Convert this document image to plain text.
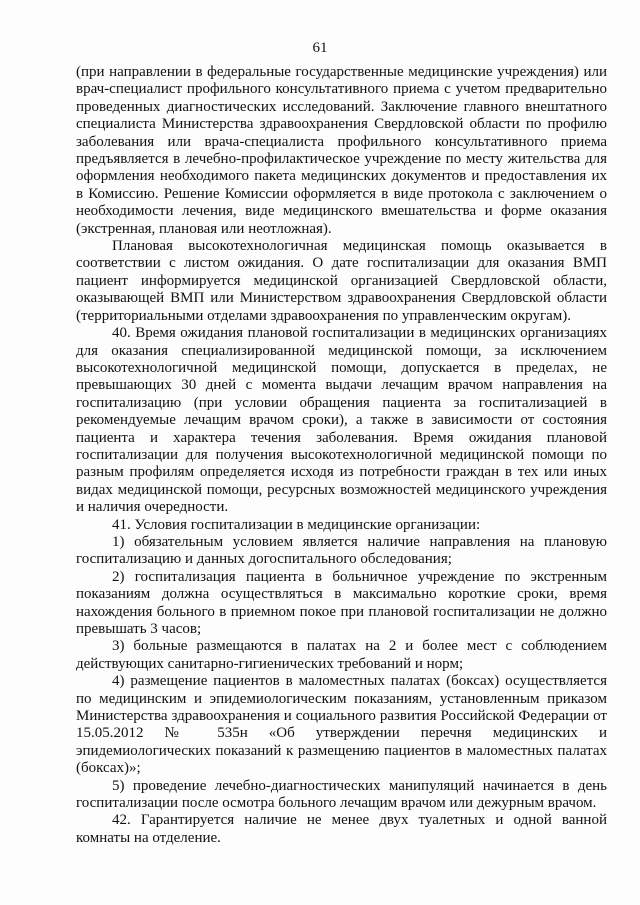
61

(при направлении в федеральные государственные медицинские учреждения) или врач-специалист профильного консультативного приема с учетом предварительно проведенных диагностических исследований. Заключение главного внештатного специалиста Министерства здравоохранения Свердловской области по профилю заболевания или врача-специалиста профильного консультативного приема предъявляется в лечебно-профилактическое учреждение по месту жительства для оформления необходимого пакета медицинских документов и предоставления их в Комиссию. Решение Комиссии оформляется в виде протокола с заключением о необходимости лечения, виде медицинского вмешательства и форме оказания (экстренная, плановая или неотложная).

Плановая высокотехнологичная медицинская помощь оказывается в соответствии с листом ожидания. О дате госпитализации для оказания ВМП пациент информируется медицинской организацией Свердловской области, оказывающей ВМП или Министерством здравоохранения Свердловской области (территориальными отделами здравоохранения по управленческим округам).

40. Время ожидания плановой госпитализации в медицинских организациях для оказания специализированной медицинской помощи, за исключением высокотехнологичной медицинской помощи, допускается в пределах, не превышающих 30 дней с момента выдачи лечащим врачом направления на госпитализацию (при условии обращения пациента за госпитализацией в рекомендуемые лечащим врачом сроки), а также в зависимости от состояния пациента и характера течения заболевания. Время ожидания плановой госпитализации для получения высокотехнологичной медицинской помощи по разным профилям определяется исходя из потребности граждан в тех или иных видах медицинской помощи, ресурсных возможностей медицинского учреждения и наличия очередности.

41. Условия госпитализации в медицинские организации:

1) обязательным условием является наличие направления на плановую госпитализацию и данных догоспитального обследования;

2) госпитализация пациента в больничное учреждение по экстренным показаниям должна осуществляться в максимально короткие сроки, время нахождения больного в приемном покое при плановой госпитализации не должно превышать 3 часов;

3) больные размещаются в палатах на 2 и более мест с соблюдением действующих санитарно-гигиенических требований и норм;

4) размещение пациентов в маломестных палатах (боксах) осуществляется по медицинским и эпидемиологическим показаниям, установленным приказом Министерства здравоохранения и социального развития Российской Федерации от 15.05.2012 № 535н «Об утверждении перечня медицинских и эпидемиологических показаний к размещению пациентов в маломестных палатах (боксах)»;

5) проведение лечебно-диагностических манипуляций начинается в день госпитализации после осмотра больного лечащим врачом или дежурным врачом.

42. Гарантируется наличие не менее двух туалетных и одной ванной комнаты на отделение.
